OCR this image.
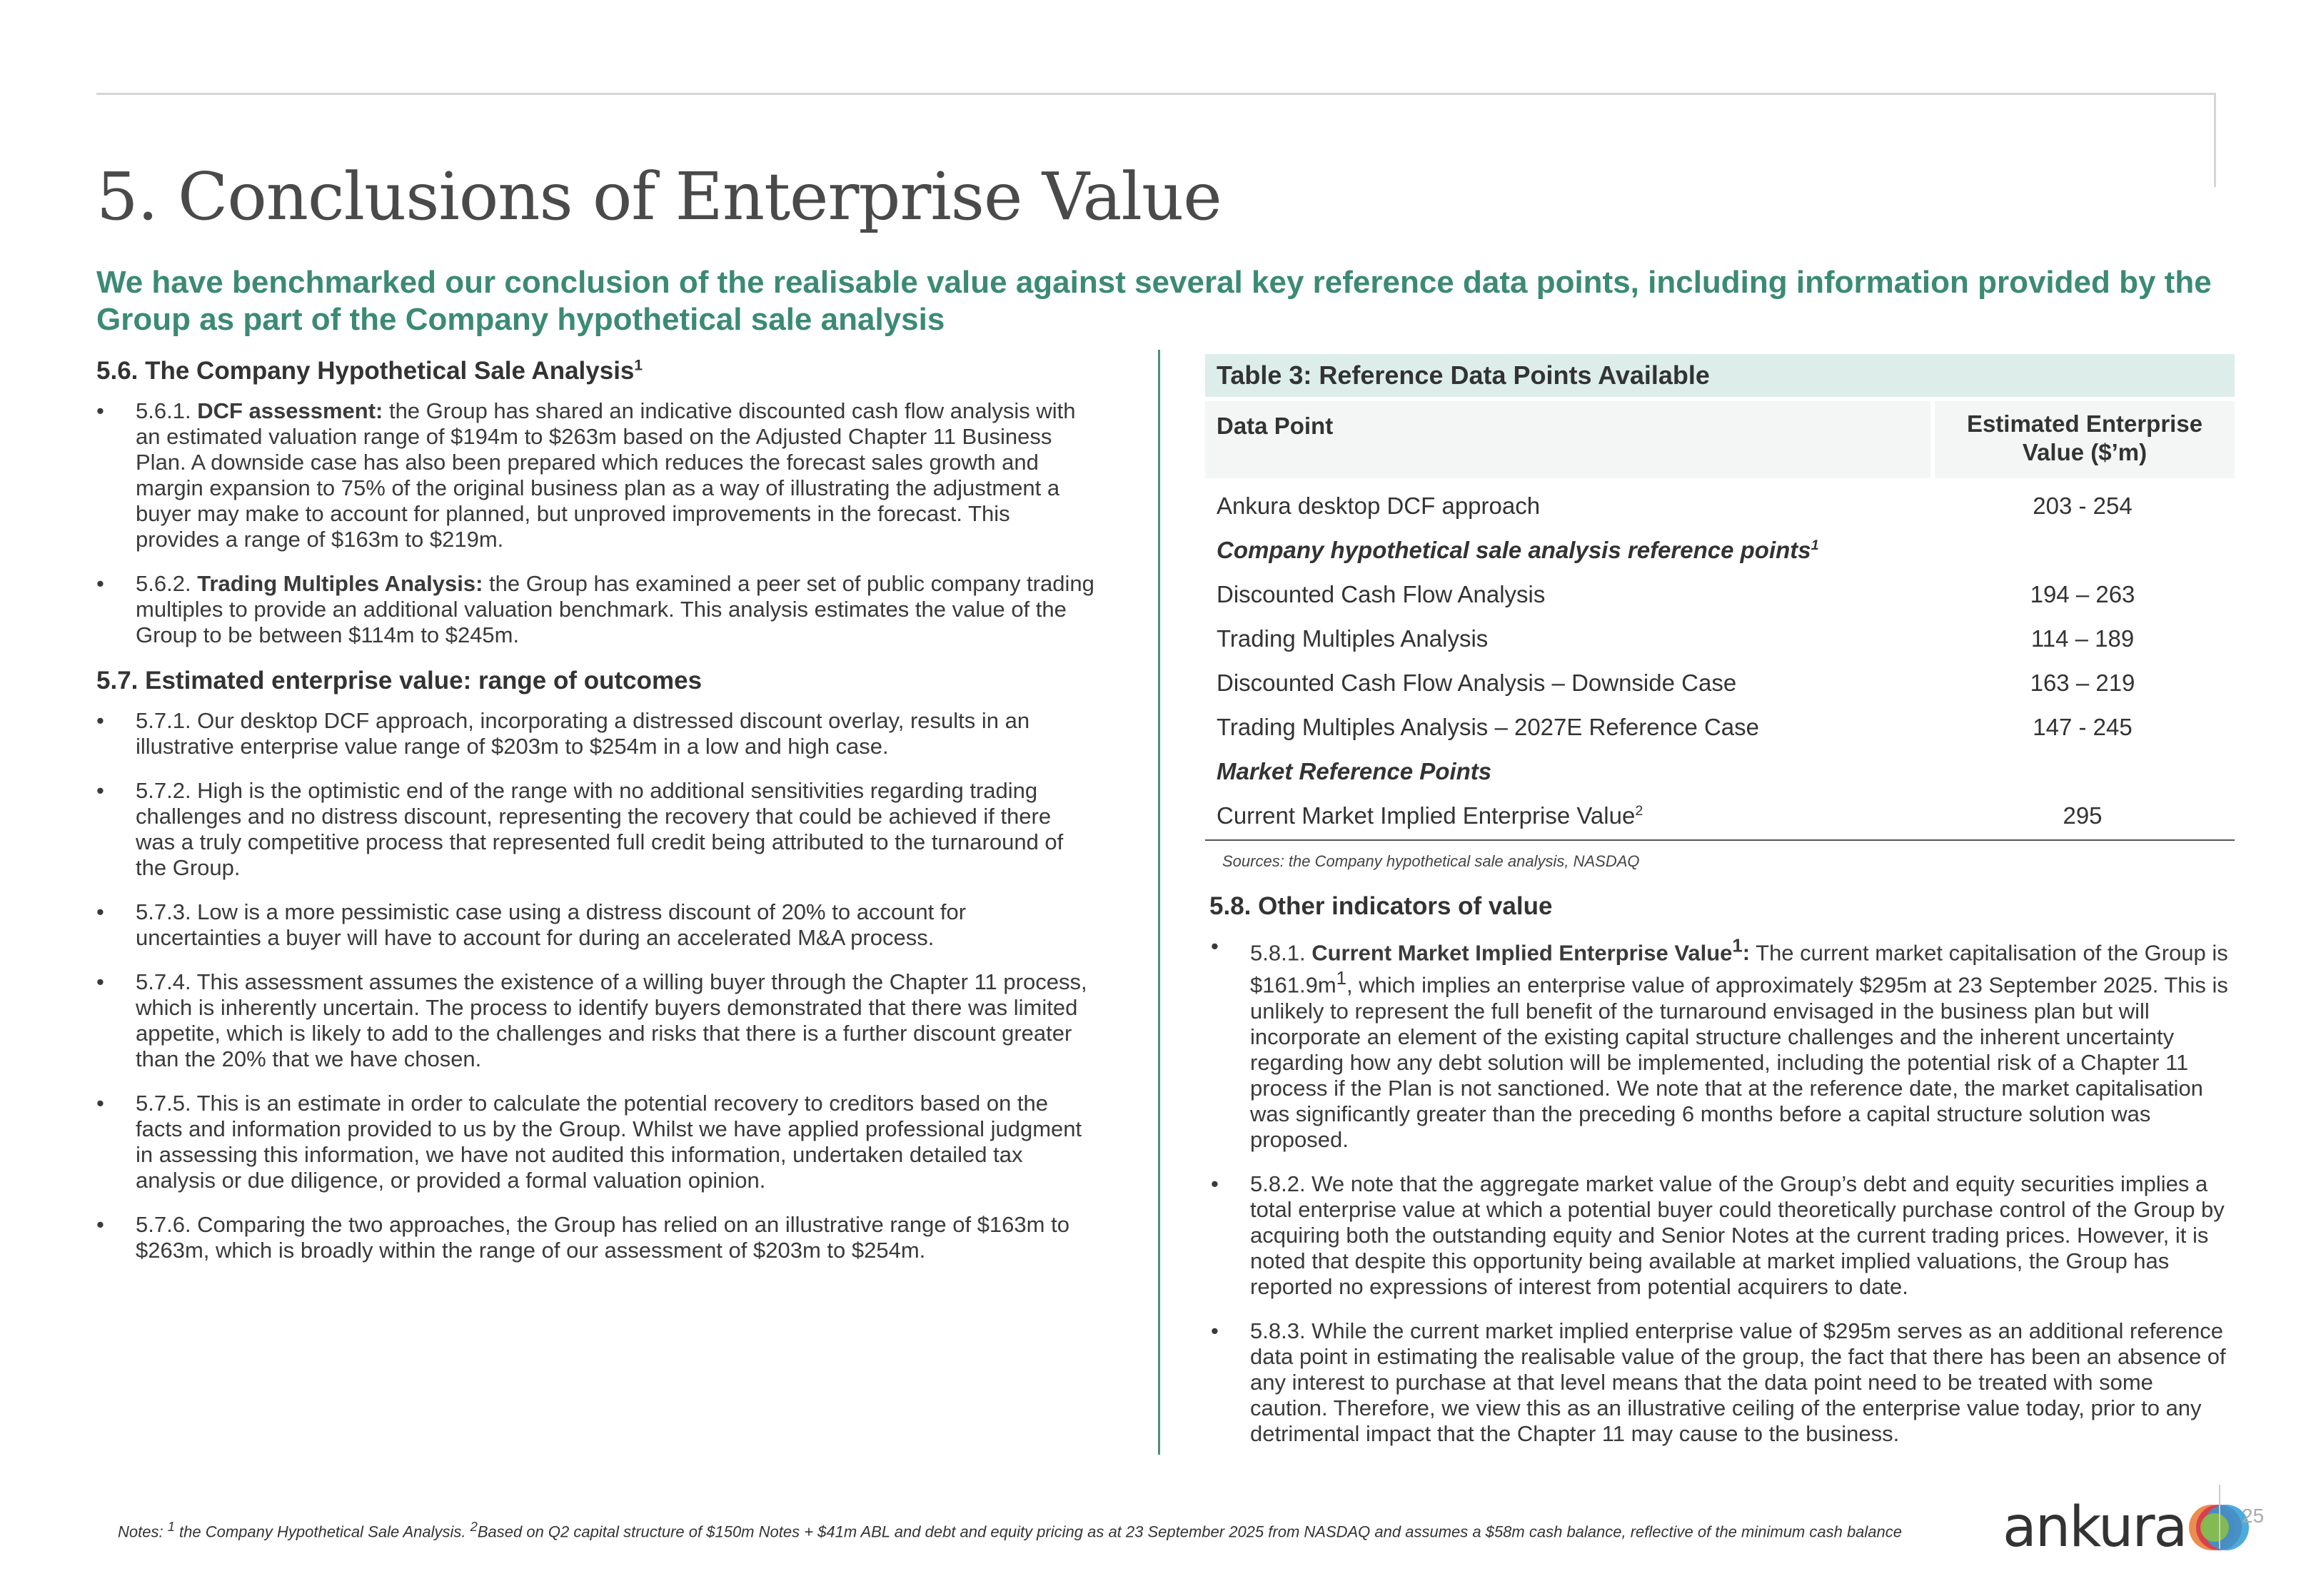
5. Conclusions of Enterprise Value

We have benchmarked our conclusion of the realisable value against several key reference data points, including information provided by the Group as part of the Company hypothetical sale analysis

5.6. The Company Hypothetical Sale Analysis$^1$
• 5.6.1. DCF assessment: the Group has shared an indicative discounted cash flow analysis with an estimated valuation range of $194m to $263m based on the Adjusted Chapter 11 Business Plan. A downside case has also been prepared which reduces the forecast sales growth and margin expansion to 75% of the original business plan as a way of illustrating the adjustment a buyer may make to account for planned, but unproved improvements in the forecast. This provides a range of $163m to $219m.
• 5.6.2. Trading Multiples Analysis: the Group has examined a peer set of public company trading multiples to provide an additional valuation benchmark. This analysis estimates the value of the Group to be between $114m to $245m.
5.7. Estimated enterprise value: range of outcomes
• 5.7.1. Our desktop DCF approach, incorporating a distressed discount overlay, results in an illustrative enterprise value range of $203m to $254m in a low and high case.
• 5.7.2. High is the optimistic end of the range with no additional sensitivities regarding trading challenges and no distress discount, representing the recovery that could be achieved if there was a truly competitive process that represented full credit being attributed to the turnaround of the Group.
• 5.7.3. Low is a more pessimistic case using a distress discount of 20% to account for uncertainties a buyer will have to account for during an accelerated M&A process.
• 5.7.4. This assessment assumes the existence of a willing buyer through the Chapter 11 process, which is inherently uncertain. The process to identify buyers demonstrated that there was limited appetite, which is likely to add to the challenges and risks that there is a further discount greater than the 20% that we have chosen.
• 5.7.5. This is an estimate in order to calculate the potential recovery to creditors based on the facts and information provided to us by the Group. Whilst we have applied professional judgment in assessing this information, we have not audited this information, undertaken detailed tax analysis or due diligence, or provided a formal valuation opinion.
• 5.7.6. Comparing the two approaches, the Group has relied on an illustrative range of $163m to $263m, which is broadly within the range of our assessment of $203m to $254m.
Table 3: Reference Data Points Available
Data Point	Estimated Enterprise Value ($’m)
Ankura desktop DCF approach	203 - 254
Company hypothetical sale analysis reference points$^1$
Discounted Cash Flow Analysis	194 – 263
Trading Multiples Analysis	114 – 189
Discounted Cash Flow Analysis – Downside Case	163 – 219
Trading Multiples Analysis – 2027E Reference Case	147 - 245
Market Reference Points
Current Market Implied Enterprise Value$^2$	295
Sources: the Company hypothetical sale analysis, NASDAQ
5.8. Other indicators of value
• 5.8.1. Current Market Implied Enterprise Value$^1$: The current market capitalisation of the Group is $\$161.9m^1$, which implies an enterprise value of approximately $295m at 23 September 2025. This is unlikely to represent the full benefit of the turnaround envisaged in the business plan but will incorporate an element of the existing capital structure challenges and the inherent uncertainty regarding how any debt solution will be implemented, including the potential risk of a Chapter 11 process if the Plan is not sanctioned. We note that at the reference date, the market capitalisation was significantly greater than the preceding 6 months before a capital structure solution was proposed.
• 5.8.2. We note that the aggregate market value of the Group’s debt and equity securities implies a total enterprise value at which a potential buyer could theoretically purchase control of the Group by acquiring both the outstanding equity and Senior Notes at the current trading prices. However, it is noted that despite this opportunity being available at market implied valuations, the Group has reported no expressions of interest from potential acquirers to date.
• 5.8.3. While the current market implied enterprise value of $295m serves as an additional reference data point in estimating the realisable value of the group, the fact that there has been an absence of any interest to purchase at that level means that the data point need to be treated with some caution. Therefore, we view this as an illustrative ceiling of the enterprise value today, prior to any detrimental impact that the Chapter 11 may cause to the business.
Notes: $^1$ the Company Hypothetical Sale Analysis. $^2$Based on Q2 capital structure of $150m Notes + $41m ABL and debt and equity pricing as at 23 September 2025 from NASDAQ and assumes a $58m cash balance, reflective of the minimum cash balance	ankura	25
